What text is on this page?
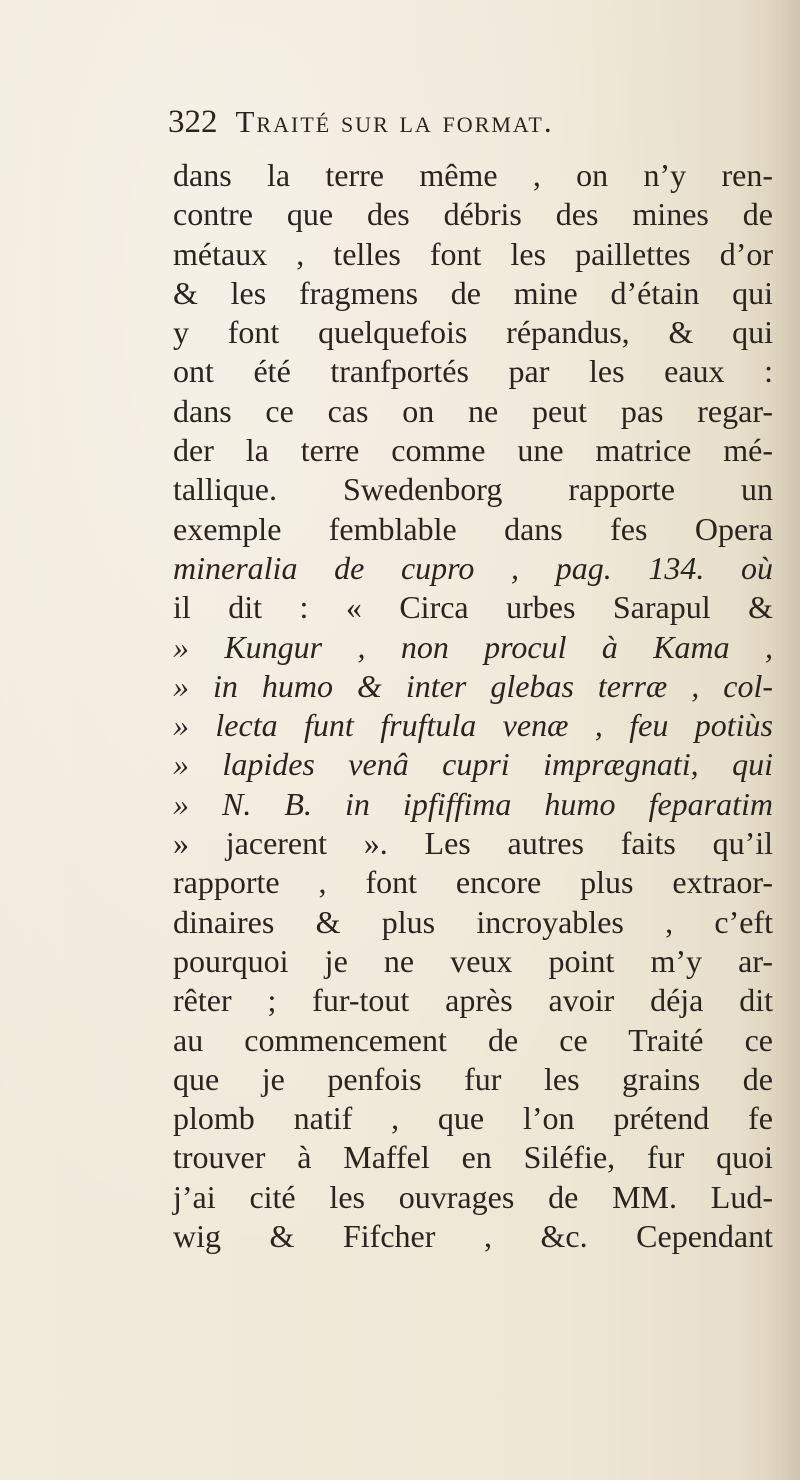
322 Traité sur la format.
dans la terre même , on n’y ren-
contre que des débris des mines de
métaux , telles font les paillettes d’or
& les fragmens de mine d’étain qui
y font quelquefois répandus, & qui
ont été tranfportés par les eaux :
dans ce cas on ne peut pas regar-
der la terre comme une matrice mé-
tallique. Swedenborg rapporte un
exemple femblable dans fes Opera
mineralia de cupro , pag. 134. où
il dit : « Circa urbes Sarapul &
» Kungur , non procul à Kama ,
» in humo & inter glebas terræ , col-
» lecta funt fruftula venæ , feu potiùs
» lapides venâ cupri imprægnati, qui
» N. B. in ipfiffima humo feparatim
» jacerent ». Les autres faits qu’il
rapporte , font encore plus extraor-
dinaires & plus incroyables , c’eft
pourquoi je ne veux point m’y ar-
rêter ; fur-tout après avoir déja dit
au commencement de ce Traité ce
que je penfois fur les grains de
plomb natif , que l’on prétend fe
trouver à Maffel en Siléfie, fur quoi
j’ai cité les ouvrages de MM. Lud-
wig & Fifcher , &c. Cependant
